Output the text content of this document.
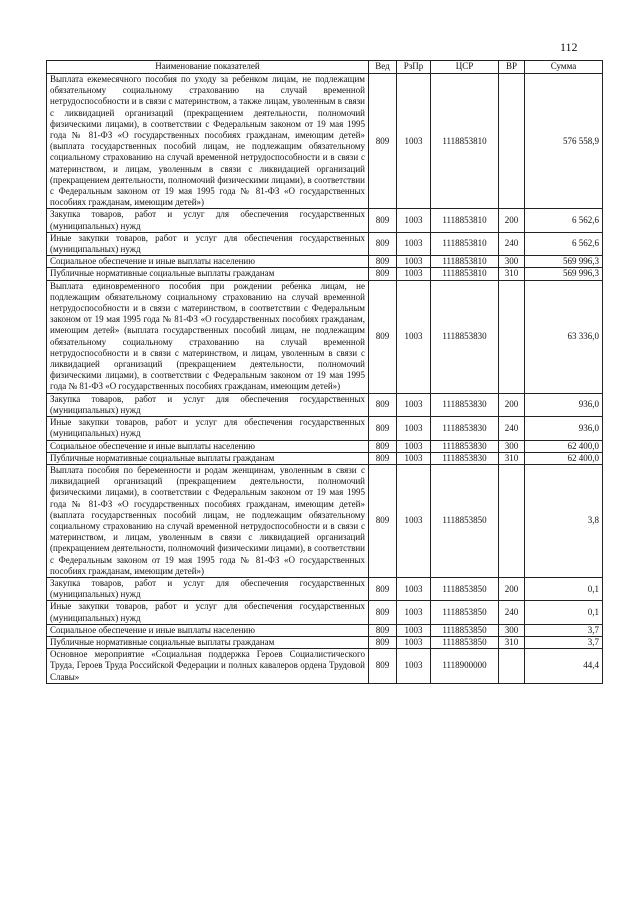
112
Наименование показателей	Вед	РзПр	ЦСР	ВР	Сумма
Выплата ежемесячного пособия по уходу за ребенком лицам, не подлежащим обязательному социальному страхованию на случай временной нетрудоспособности и в связи с материнством, а также лицам, уволенным в связи с ликвидацией организаций (прекращением деятельности, полномочий физическими лицами), в соответствии с Федеральным законом от 19 мая 1995 года № 81-ФЗ «О государственных пособиях гражданам, имеющим детей» (выплата государственных пособий лицам, не подлежащим обязательному социальному страхованию на случай временной нетрудоспособности и в связи с материнством, и лицам, уволенным в связи с ликвидацией организаций (прекращением деятельности, полномочий физическими лицами), в соответствии с Федеральным законом от 19 мая 1995 года № 81-ФЗ «О государственных пособиях гражданам, имеющим детей»)	809	1003	1118853810		576 558,9
Закупка товаров, работ и услуг для обеспечения государственных (муниципальных) нужд	809	1003	1118853810	200	6 562,6
Иные закупки товаров, работ и услуг для обеспечения государственных (муниципальных) нужд	809	1003	1118853810	240	6 562,6
Социальное обеспечение и иные выплаты населению	809	1003	1118853810	300	569 996,3
Публичные нормативные социальные выплаты гражданам	809	1003	1118853810	310	569 996,3
Выплата единовременного пособия при рождении ребенка лицам, не подлежащим обязательному социальному страхованию на случай временной нетрудоспособности и в связи с материнством, в соответствии с Федеральным законом от 19 мая 1995 года № 81-ФЗ «О государственных пособиях гражданам, имеющим детей» (выплата государственных пособий лицам, не подлежащим обязательному социальному страхованию на случай временной нетрудоспособности и в связи с материнством, и лицам, уволенным в связи с ликвидацией организаций (прекращением деятельности, полномочий физическими лицами), в соответствии с Федеральным законом от 19 мая 1995 года № 81-ФЗ «О государственных пособиях гражданам, имеющим детей»)	809	1003	1118853830		63 336,0
Закупка товаров, работ и услуг для обеспечения государственных (муниципальных) нужд	809	1003	1118853830	200	936,0
Иные закупки товаров, работ и услуг для обеспечения государственных (муниципальных) нужд	809	1003	1118853830	240	936,0
Социальное обеспечение и иные выплаты населению	809	1003	1118853830	300	62 400,0
Публичные нормативные социальные выплаты гражданам	809	1003	1118853830	310	62 400,0
Выплата пособия по беременности и родам женщинам, уволенным в связи с ликвидацией организаций (прекращением деятельности, полномочий физическими лицами), в соответствии с Федеральным законом от 19 мая 1995 года № 81-ФЗ «О государственных пособиях гражданам, имеющим детей» (выплата государственных пособий лицам, не подлежащим обязательному социальному страхованию на случай временной нетрудоспособности и в связи с материнством, и лицам, уволенным в связи с ликвидацией организаций (прекращением деятельности, полномочий физическими лицами), в соответствии с Федеральным законом от 19 мая 1995 года № 81-ФЗ «О государственных пособиях гражданам, имеющим детей»)	809	1003	1118853850		3,8
Закупка товаров, работ и услуг для обеспечения государственных (муниципальных) нужд	809	1003	1118853850	200	0,1
Иные закупки товаров, работ и услуг для обеспечения государственных (муниципальных) нужд	809	1003	1118853850	240	0,1
Социальное обеспечение и иные выплаты населению	809	1003	1118853850	300	3,7
Публичные нормативные социальные выплаты гражданам	809	1003	1118853850	310	3,7
Основное мероприятие «Социальная поддержка Героев Социалистического Труда, Героев Труда Российской Федерации и полных кавалеров ордена Трудовой Славы»	809	1003	1118900000		44,4
